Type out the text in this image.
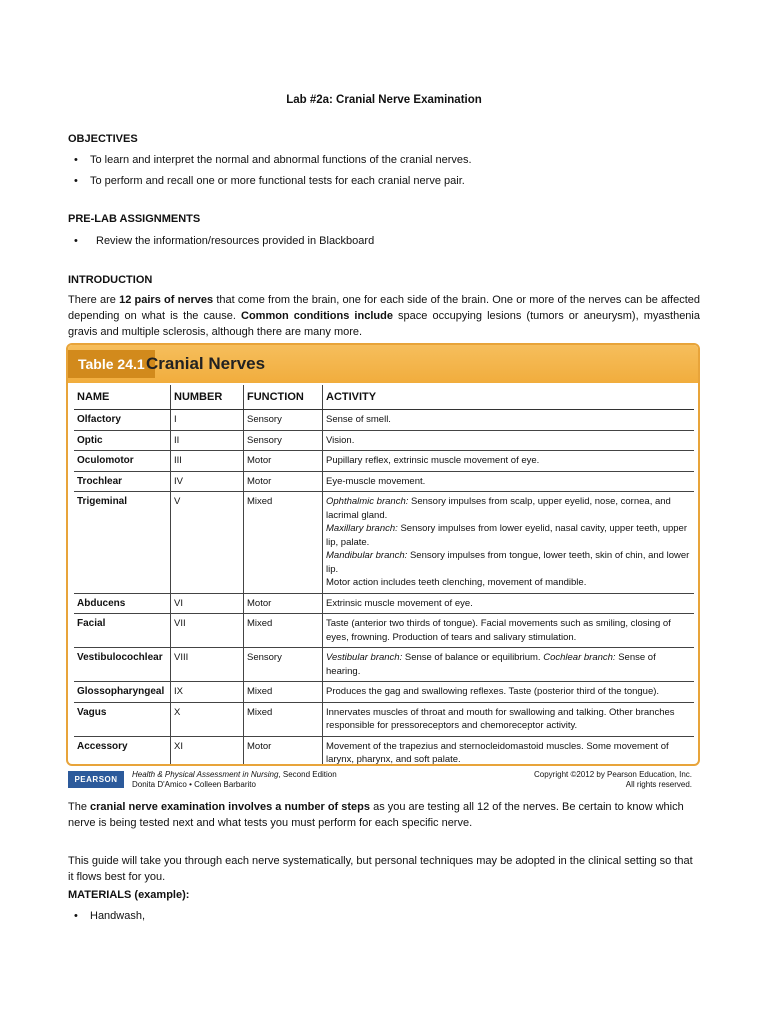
Lab #2a: Cranial Nerve Examination
OBJECTIVES
• To learn and interpret the normal and abnormal functions of the cranial nerves.
• To perform and recall one or more functional tests for each cranial nerve pair.
PRE-LAB ASSIGNMENTS
• Review the information/resources provided in Blackboard
INTRODUCTION
There are 12 pairs of nerves that come from the brain, one for each side of the brain. One or more of the nerves can be affected depending on what is the cause. Common conditions include space occupying lesions (tumors or aneurysm), myasthenia gravis and multiple sclerosis, although there are many more.
Table 24.1 Cranial Nerves
NAME	NUMBER	FUNCTION	ACTIVITY
Olfactory	I	Sensory	Sense of smell.
Optic	II	Sensory	Vision.
Oculomotor	III	Motor	Pupillary reflex, extrinsic muscle movement of eye.
Trochlear	IV	Motor	Eye-muscle movement.
Trigeminal	V	Mixed	Ophthalmic branch: Sensory impulses from scalp, upper eyelid, nose, cornea, and lacrimal gland.
Maxillary branch: Sensory impulses from lower eyelid, nasal cavity, upper teeth, upper lip, palate.
Mandibular branch: Sensory impulses from tongue, lower teeth, skin of chin, and lower lip.
Motor action includes teeth clenching, movement of mandible.

Abducens	VI	Motor	Extrinsic muscle movement of eye.
Facial	VII	Mixed	Taste (anterior two thirds of tongue). Facial movements such as smiling, closing of eyes, frowning. Production of tears and salivary stimulation.
Vestibulocochlear	VIII	Sensory	Vestibular branch: Sense of balance or equilibrium. Cochlear branch: Sense of hearing.
Glossopharyngeal	IX	Mixed	Produces the gag and swallowing reflexes. Taste (posterior third of the tongue).
Vagus	X	Mixed	Innervates muscles of throat and mouth for swallowing and talking. Other branches responsible for pressoreceptors and chemoreceptor activity.
Accessory	XI	Motor	Movement of the trapezius and sternocleidomastoid muscles. Some movement of larynx, pharynx, and soft palate.

PEARSON
Health & Physical Assessment in Nursing, Second Edition
Donita D'Amico • Colleen Barbarito
Copyright ©2012 by Pearson Education, Inc.
All rights reserved.
The cranial nerve examination involves a number of steps as you are testing all 12 of the nerves. Be certain to know which nerve is being tested next and what tests you must perform for each specific nerve.
This guide will take you through each nerve systematically, but personal techniques may be adopted in the clinical setting so that it flows best for you.
MATERIALS (example):
• Handwash,
